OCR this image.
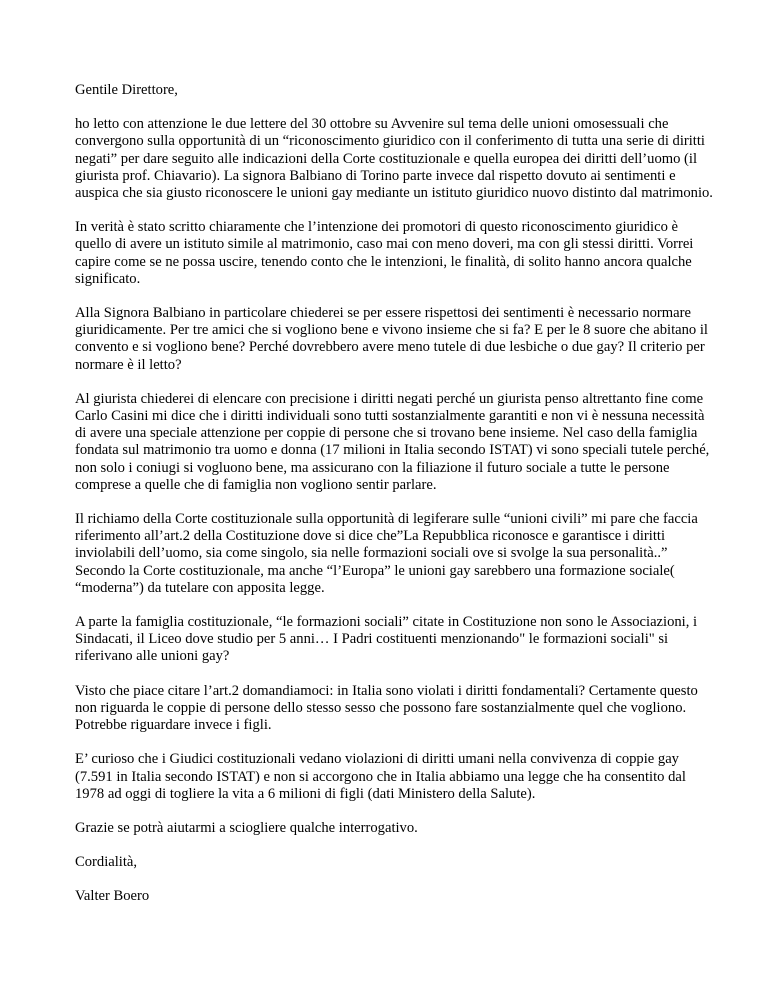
Gentile Direttore,

ho letto con attenzione le due lettere del 30 ottobre su Avvenire sul tema delle unioni omosessuali che convergono sulla opportunità di un “riconoscimento giuridico con il conferimento di tutta una serie di diritti negati” per dare seguito alle indicazioni della Corte costituzionale e quella europea dei diritti dell’uomo (il giurista prof. Chiavario). La signora Balbiano di Torino parte invece dal rispetto dovuto ai sentimenti e auspica che sia giusto riconoscere le unioni gay mediante un istituto giuridico nuovo distinto dal matrimonio.

In verità è stato scritto chiaramente che l’intenzione dei promotori di questo riconoscimento giuridico è quello di avere un istituto simile al matrimonio, caso mai con meno doveri, ma con gli stessi diritti. Vorrei capire come se ne possa uscire, tenendo conto che le intenzioni, le finalità, di solito hanno ancora qualche significato.

Alla Signora Balbiano in particolare chiederei se per essere rispettosi dei sentimenti è necessario normare giuridicamente. Per tre amici che si vogliono bene e vivono insieme che si fa? E per le 8 suore che abitano il convento e si vogliono bene? Perché dovrebbero avere meno tutele di due lesbiche o due gay? Il criterio per normare è il letto?

Al giurista chiederei di elencare con precisione i diritti negati perché un giurista penso altrettanto fine come Carlo Casini mi dice che i diritti individuali sono tutti sostanzialmente garantiti e non vi è nessuna necessità di avere una speciale attenzione per coppie di persone che si trovano bene insieme. Nel caso della famiglia fondata sul matrimonio tra uomo e donna (17 milioni in Italia secondo ISTAT) vi sono speciali tutele perché, non solo i coniugi si vogluono bene, ma assicurano con la filiazione il futuro sociale a tutte le persone comprese a quelle che di famiglia non vogliono sentir parlare.

Il richiamo della Corte costituzionale sulla opportunità di legiferare sulle “unioni civili” mi pare che faccia riferimento all’art.2 della Costituzione dove si dice che”La Repubblica riconosce e garantisce i diritti inviolabili dell’uomo, sia come singolo, sia nelle formazioni sociali ove si svolge la sua personalità..” Secondo la Corte costituzionale, ma anche “l’Europa” le unioni gay sarebbero una formazione sociale( “moderna”) da tutelare con apposita legge.

A parte la famiglia costituzionale, “le formazioni sociali” citate in Costituzione non sono le Associazioni, i Sindacati, il Liceo dove studio per 5 anni… I Padri costituenti menzionando" le formazioni sociali" si riferivano alle unioni gay?

Visto che piace citare l’art.2 domandiamoci: in Italia sono violati i diritti fondamentali? Certamente questo non riguarda le coppie di persone dello stesso sesso che possono fare sostanzialmente quel che vogliono. Potrebbe riguardare invece i figli.

E’ curioso che i Giudici costituzionali vedano violazioni di diritti umani nella convivenza di coppie gay (7.591 in Italia secondo ISTAT) e non si accorgono che in Italia abbiamo una legge che ha consentito dal 1978 ad oggi di togliere la vita a 6 milioni di figli (dati Ministero della Salute).

Grazie se potrà aiutarmi a sciogliere qualche interrogativo.

Cordialità,

Valter Boero
